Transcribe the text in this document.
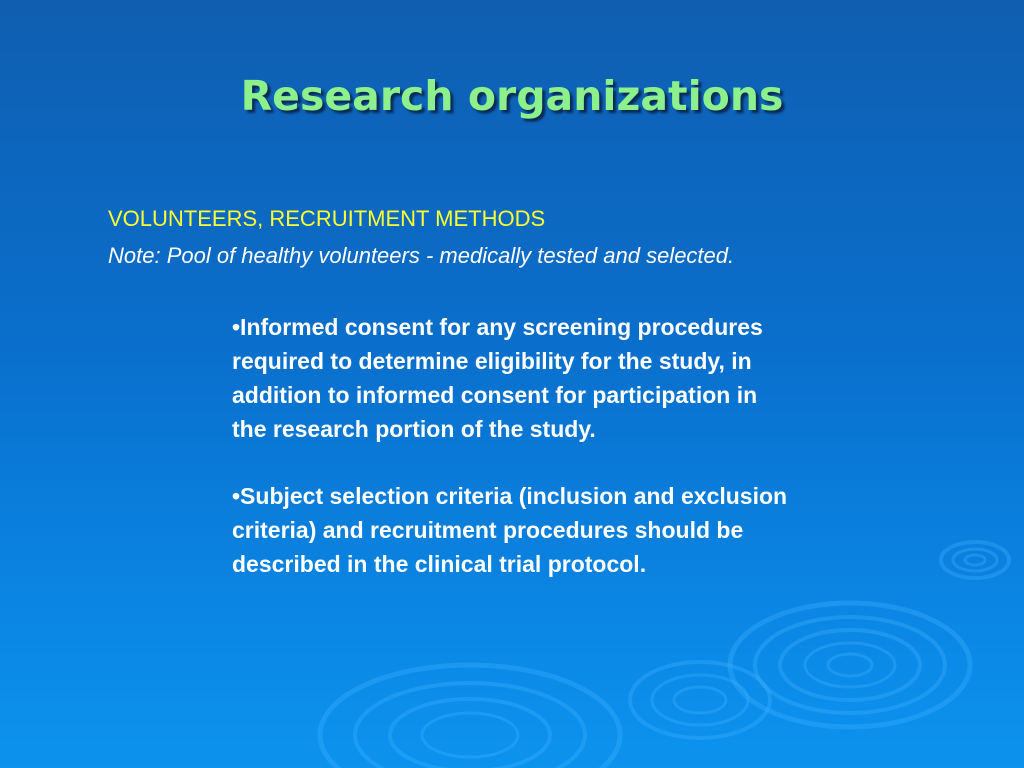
Research organizations

VOLUNTEERS, RECRUITMENT METHODS

Note: Pool of healthy volunteers - medically tested and selected.

•Informed consent for any screening procedures
required to determine eligibility for the study, in
addition to informed consent for participation in
the research portion of the study.
•Subject selection criteria (inclusion and exclusion
criteria) and recruitment procedures should be
described in the clinical trial protocol.
